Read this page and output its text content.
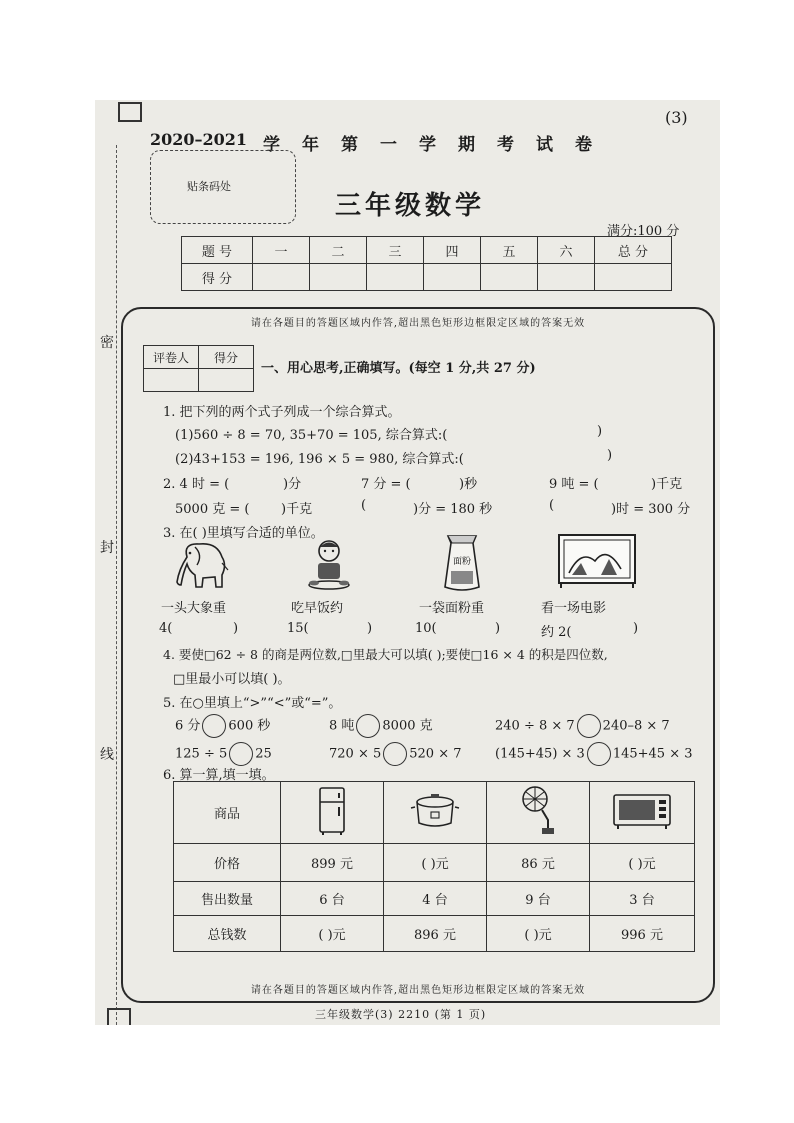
密
封
线
2020–2021 学年第一学期考试卷
(3)
贴条码处
三年级数学
满分:100 分
题 号	一	二	三	四	五	六	总 分
得 分							
请在各题目的答题区域内作答,超出黑色矩形边框限定区域的答案无效
评卷人	得分

一、用心思考,正确填写。(每空 1 分,共 27 分)
1. 把下列的两个式子列成一个综合算式。
(1)560 ÷ 8 = 70, 35+70 = 105, 综合算式:(	)
(2)43+153 = 196, 196 × 5 = 980, 综合算式:(	)
2. 4 时 = (	)分	7 分 = (	)秒	9 吨 = (	)千克
5000 克 = ( )千克	(	)分 = 180 秒	(	)时 = 300 分
3. 在( )里填写合适的单位。
面粉
一头大象重	吃早饭约	一袋面粉重	看一场电影
4(	)	15(	)	10(	)	约 2(	)
4. 要使□62 ÷ 8 的商是两位数,□里最大可以填( );要使□16 × 4 的积是四位数,
□里最小可以填( )。
5. 在○里填上“>”“<”或“=”。
6 分 600 秒	8 吨 8000 克	240 ÷ 8 × 7 240–8 × 7
125 ÷ 5 25	720 × 5 520 × 7	(145+45) × 3 145+45 × 3
6. 算一算,填一填。
商品				
价格	899 元	( )元	86 元	( )元
售出数量	6 台	4 台	9 台	3 台
总钱数	( )元	896 元	( )元	996 元
请在各题目的答题区域内作答,超出黑色矩形边框限定区域的答案无效
三年级数学(3) 2210 (第 1 页)
